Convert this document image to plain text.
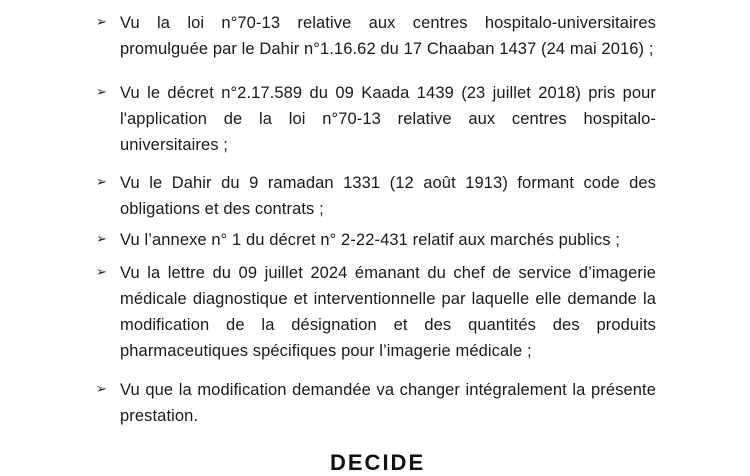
➢ Vu la loi n°70-13 relative aux centres hospitalo-universitaires promulguée par le Dahir n°1.16.62 du 17 Chaaban 1437 (24 mai 2016) ;
➢ Vu le décret n°2.17.589 du 09 Kaada 1439 (23 juillet 2018) pris pour l'application de la loi n°70-13 relative aux centres hospitalo-universitaires ;
➢ Vu le Dahir du 9 ramadan 1331 (12 août 1913) formant code des obligations et des contrats ;
➢ Vu l’annexe n° 1 du décret n° 2-22-431 relatif aux marchés publics ;
➢ Vu la lettre du 09 juillet 2024 émanant du chef de service d’imagerie médicale diagnostique et interventionnelle par laquelle elle demande la modification de la désignation et des quantités des produits pharmaceutiques spécifiques pour l’imagerie médicale ;
➢ Vu que la modification demandée va changer intégralement la présente prestation.
DECIDE
